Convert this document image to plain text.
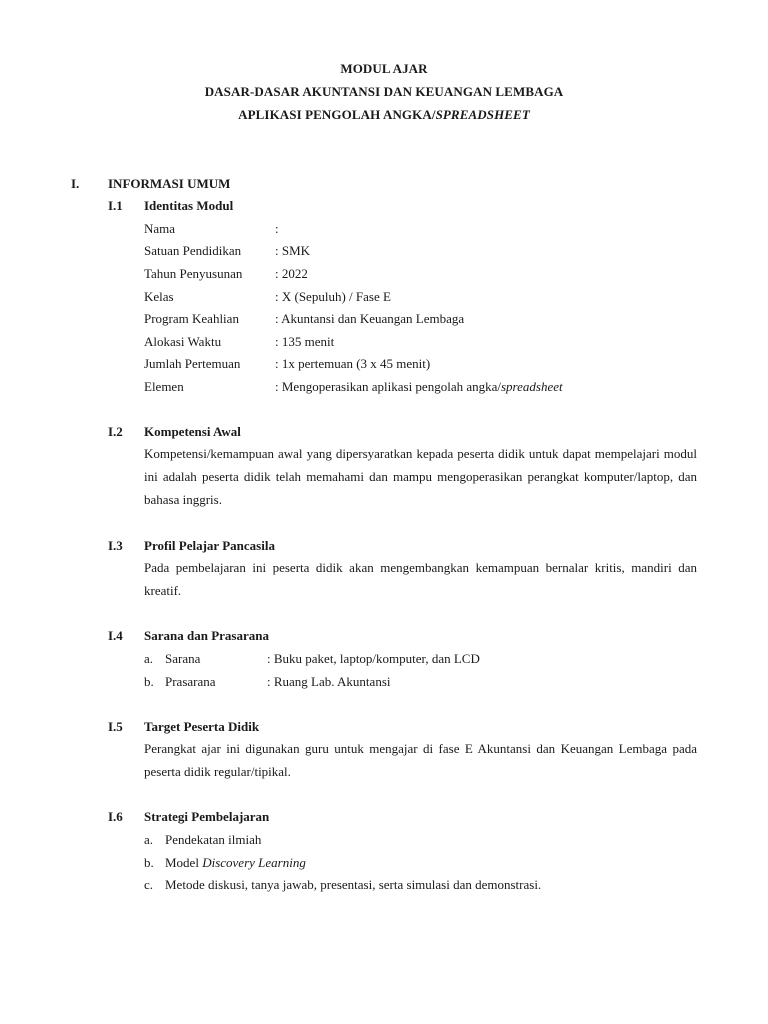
MODUL AJAR
DASAR-DASAR AKUNTANSI DAN KEUANGAN LEMBAGA
APLIKASI PENGOLAH ANGKA/SPREADSHEET
I. INFORMASI UMUM
I.1 Identitas Modul
Nama	:
Satuan Pendidikan	: SMK
Tahun Penyusunan	: 2022
Kelas	: X (Sepuluh) / Fase E
Program Keahlian	: Akuntansi dan Keuangan Lembaga
Alokasi Waktu	: 135 menit
Jumlah Pertemuan	: 1x pertemuan (3 x 45 menit)
Elemen	: Mengoperasikan aplikasi pengolah angka/spreadsheet
I.2 Kompetensi Awal
Kompetensi/kemampuan awal yang dipersyaratkan kepada peserta didik untuk dapat mempelajari modul ini adalah peserta didik telah memahami dan mampu mengoperasikan perangkat komputer/laptop, dan bahasa inggris.
I.3 Profil Pelajar Pancasila
Pada pembelajaran ini peserta didik akan mengembangkan kemampuan bernalar kritis, mandiri dan kreatif.
I.4 Sarana dan Prasarana
a. Sarana	: Buku paket, laptop/komputer, dan LCD
b. Prasarana	: Ruang Lab. Akuntansi
I.5 Target Peserta Didik
Perangkat ajar ini digunakan guru untuk mengajar di fase E Akuntansi dan Keuangan Lembaga pada peserta didik regular/tipikal.
I.6 Strategi Pembelajaran
a. Pendekatan ilmiah
b. Model Discovery Learning
c. Metode diskusi, tanya jawab, presentasi, serta simulasi dan demonstrasi.
